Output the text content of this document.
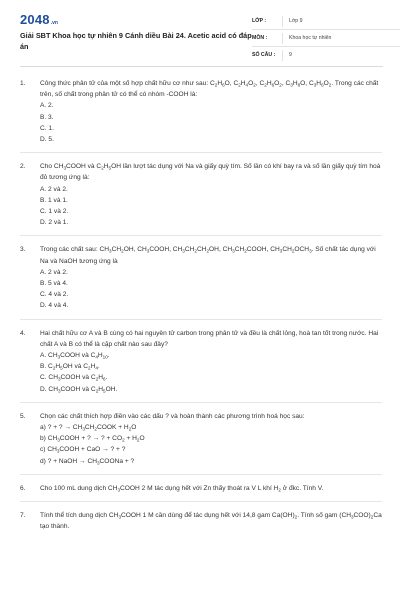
2048 .vn
Giải SBT Khoa học tự nhiên 9 Cánh diều Bài 24. Acetic acid có đáp án
LỚP :	Lớp 9
MÔN :	Khoa học tự nhiên
SỐ CÂU :	9
1.	Công thức phân tử của một số hợp chất hữu cơ như sau: $C_2H_6O$, $C_2H_4O_2$, $C_2H_6O_2$, $C_3H_8O$, $C_3H_6O_2$. Trong các chất trên, số chất trong phân tử có thể có nhóm -COOH là:

A. 2.

B. 3.

C. 1.

D. 5.

2.	Cho $CH_3COOH$ và $C_2H_5OH$ lần lượt tác dụng với Na và giấy quỳ tím. Số lần có khí bay ra và số lần giấy quỳ tím hoá đỏ tương ứng là:

A. 2 và 2.

B. 1 và 1.

C. 1 và 2.

D. 2 và 1.

3.	Trong các chất sau: $CH_3CH_2OH$, $CH_3COOH$, $CH_3CH_2CH_2OH$, $CH_3CH_2COOH$, $CH_3CH_2OCH_3$. Số chất tác dụng với Na và NaOH tương ứng là

A. 2 và 2.

B. 5 và 4.

C. 4 và 2.

D. 4 và 4.

4.	Hai chất hữu cơ A và B cùng có hai nguyên tử carbon trong phân tử và đều là chất lỏng, hoà tan tốt trong nước. Hai chất A và B có thể là cặp chất nào sau đây?

A. $CH_3COOH$ và $C_4H_{10}$.

B. $C_2H_5OH$ và $C_2H_4$.

C. $CH_3COOH$ và $C_2H_6$.

D. $CH_3COOH$ và $C_2H_5OH$.

5.	Chọn các chất thích hợp điền vào các dấu ? và hoàn thành các phương trình hoá học sau:

a) ? + ? → $CH_3CH_2COOK + H_2O$

b) $CH_3COOH$ + ? → ? + $CO_2 + H_2O$

c) $CH_3COOH$ + CaO → ? + ?

d) ? + NaOH → $CH_3COONa$ + ?

6.	Cho 100 mL dung dịch $CH_3COOH$ 2 M tác dụng hết với Zn thấy thoát ra V L khí $H_2$ ở đkc. Tính V.

7.	Tính thể tích dung dịch $CH_3COOH$ 1 M cần dùng để tác dụng hết với 14,8 gam $Ca(OH)_2$. Tính số gam $(CH_3COO)_2Ca$ tạo thành.
